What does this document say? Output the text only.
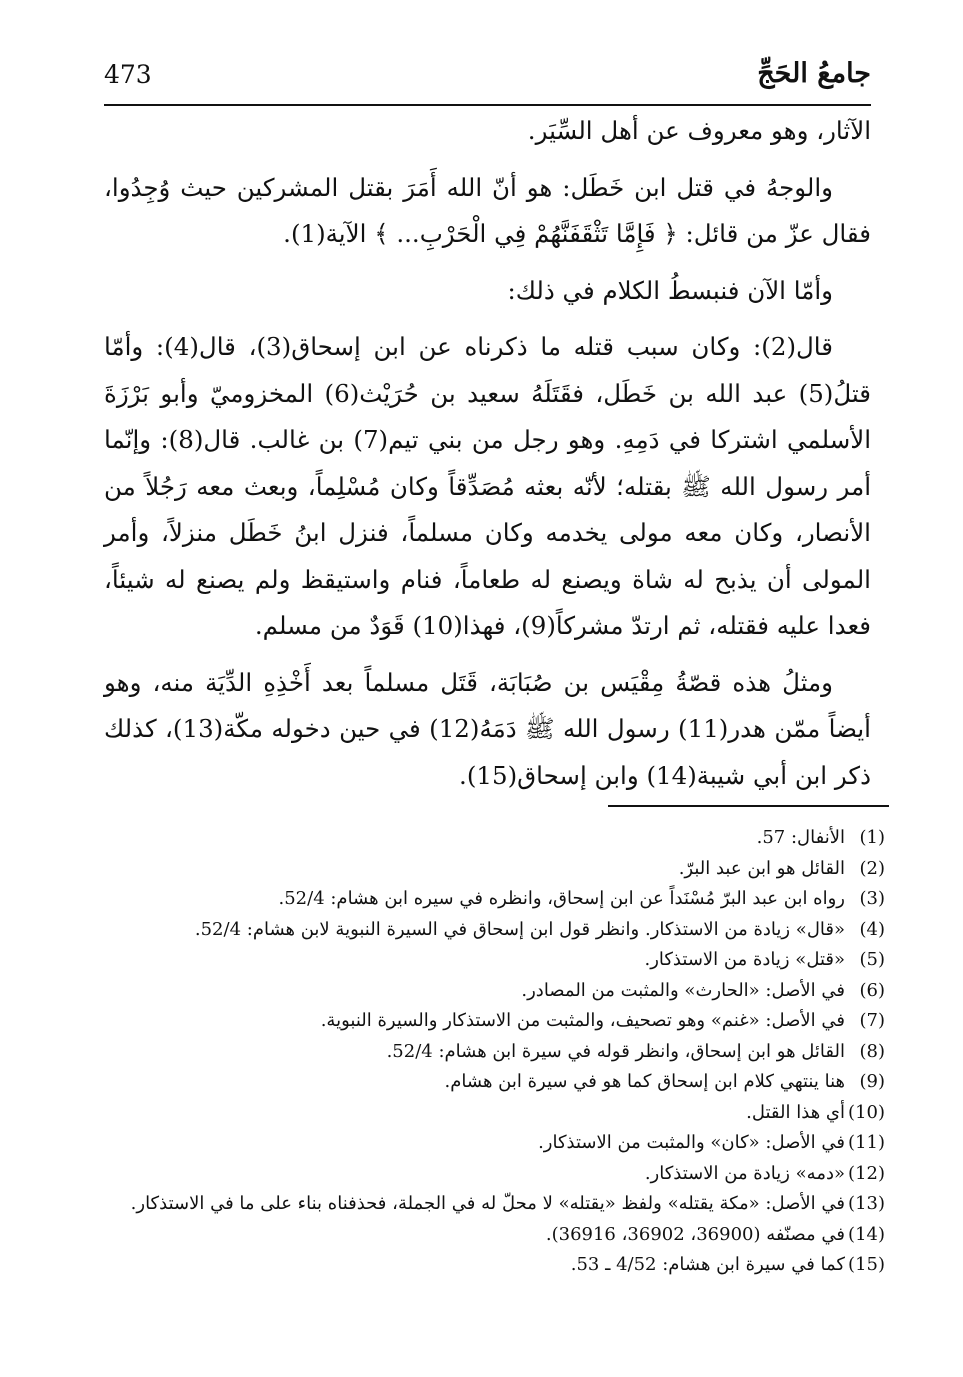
جامعُ الحَجِّ
473

الآثار، وهو معروف عن أهل السِّيَر.

والوجهُ في قتل ابن خَطَل: هو أنّ الله أَمَرَ بقتل المشركين حيث وُجِدُوا، فقال عزّ من قائل: ﴿ فَإِمَّا تَثْقَفَنَّهُمْ فِي الْحَرْبِ... ﴾ الآية(1).

وأمّا الآن فنبسطُ الكلام في ذلك:

قال(2): وكان سبب قتله ما ذكرناه عن ابن إسحاق(3)، قال(4): وأمّا قتلُ(5) عبد الله بن خَطَل، فقَتَلَهُ سعيد بن حُرَيْث(6) المخزوميّ وأبو بَرْزَةَ الأسلمي اشتركا في دَمِهِ. وهو رجل من بني تيم(7) بن غالب. قال(8): وإنّما أمر رسول الله ﷺ بقتله؛ لأنّه بعثه مُصَدِّقاً وكان مُسْلِماً، وبعث معه رَجُلاً من الأنصار، وكان معه مولى يخدمه وكان مسلماً، فنزل ابنُ خَطَل منزلاً، وأمر المولى أن يذبح له شاة ويصنع له طعاماً، فنام واستيقظ ولم يصنع له شيئاً، فعدا عليه فقتله، ثم ارتدّ مشركاً(9)، فهذا(10) قَوَدٌ من مسلم.

ومثلُ هذه قصّةُ مِقْيَس بن صُبَابَة، قَتَل مسلماً بعد أَخْذِهِ الدِّيَة منه، وهو أيضاً ممّن هدر(11) رسول الله ﷺ دَمَهُ(12) في حين دخوله مكّة(13)، كذلك ذكر ابن أبي شيبة(14) وابن إسحاق(15).

(1)
الأنفال: 57.
(2)
القائل هو ابن عبد البرّ.
(3)
رواه ابن عبد البرّ مُسْنَداً عن ابن إسحاق، وانظره في سيره ابن هشام: 52/4.
(4)
«قال» زيادة من الاستذكار. وانظر قول ابن إسحاق في السيرة النبوية لابن هشام: 52/4.
(5)
«قتل» زيادة من الاستذكار.
(6)
في الأصل: «الحارث» والمثبت من المصادر.
(7)
في الأصل: «غنم» وهو تصحيف، والمثبت من الاستذكار والسيرة النبوية.
(8)
القائل هو ابن إسحاق، وانظر قوله في سيرة ابن هشام: 52/4.
(9)
هنا ينتهي كلام ابن إسحاق كما هو في سيرة ابن هشام.
(10)
أي هذا القتل.
(11)
في الأصل: «كان» والمثبت من الاستذكار.
(12)
«دمه» زيادة من الاستذكار.
(13)
في الأصل: «مكة يقتله» ولفظ «يقتله» لا محلّ له في الجملة، فحذفناه بناء على ما في الاستذكار.
(14)
في مصنّفه (36900، 36902، 36916).
(15)
كما في سيرة ابن هشام: 4/52 ـ 53.
